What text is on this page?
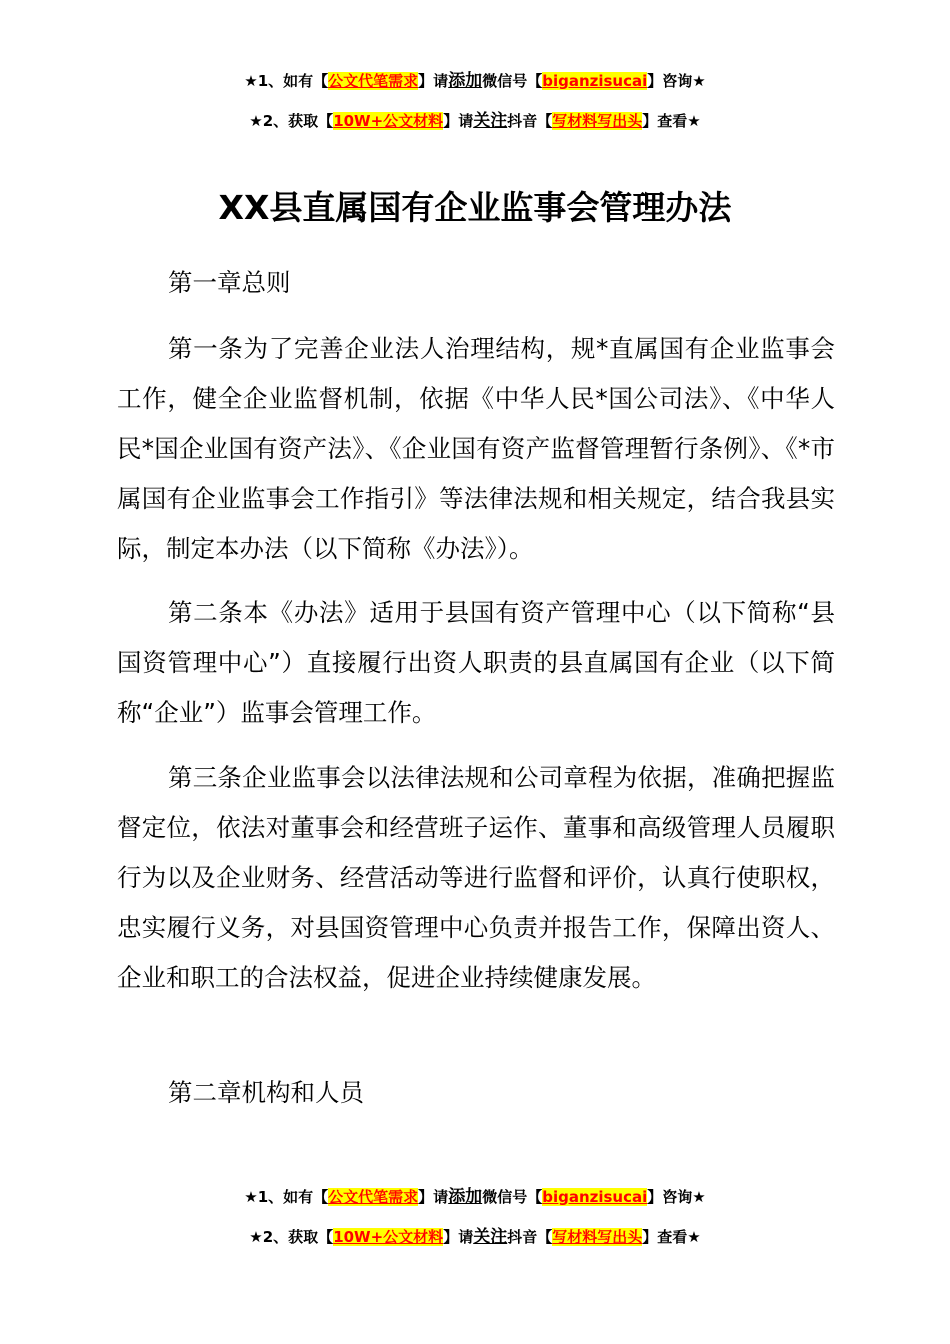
★1、如有【公文代笔需求】请添加微信号【biganzisucai】咨询★
★2、获取【10W+公文材料】请关注抖音【写材料写出头】查看★
XX县直属国有企业监事会管理办法

第一章总则

第一条为了完善企业法人治理结构，规*直属国有企业监事会工作，健全企业监督机制，依据《中华人民*国公司法》、《中华人民*国企业国有资产法》、《企业国有资产监督管理暂行条例》、《*市属国有企业监事会工作指引》等法律法规和相关规定，结合我县实际，制定本办法（以下简称《办法》）。

第二条本《办法》适用于县国有资产管理中心（以下简称“县国资管理中心”）直接履行出资人职责的县直属国有企业（以下简称“企业”）监事会管理工作。

第三条企业监事会以法律法规和公司章程为依据，准确把握监督定位，依法对董事会和经营班子运作、董事和高级管理人员履职行为以及企业财务、经营活动等进行监督和评价，认真行使职权，忠实履行义务，对县国资管理中心负责并报告工作，保障出资人、企业和职工的合法权益，促进企业持续健康发展。

第二章机构和人员

★1、如有【公文代笔需求】请添加微信号【biganzisucai】咨询★
★2、获取【10W+公文材料】请关注抖音【写材料写出头】查看★
